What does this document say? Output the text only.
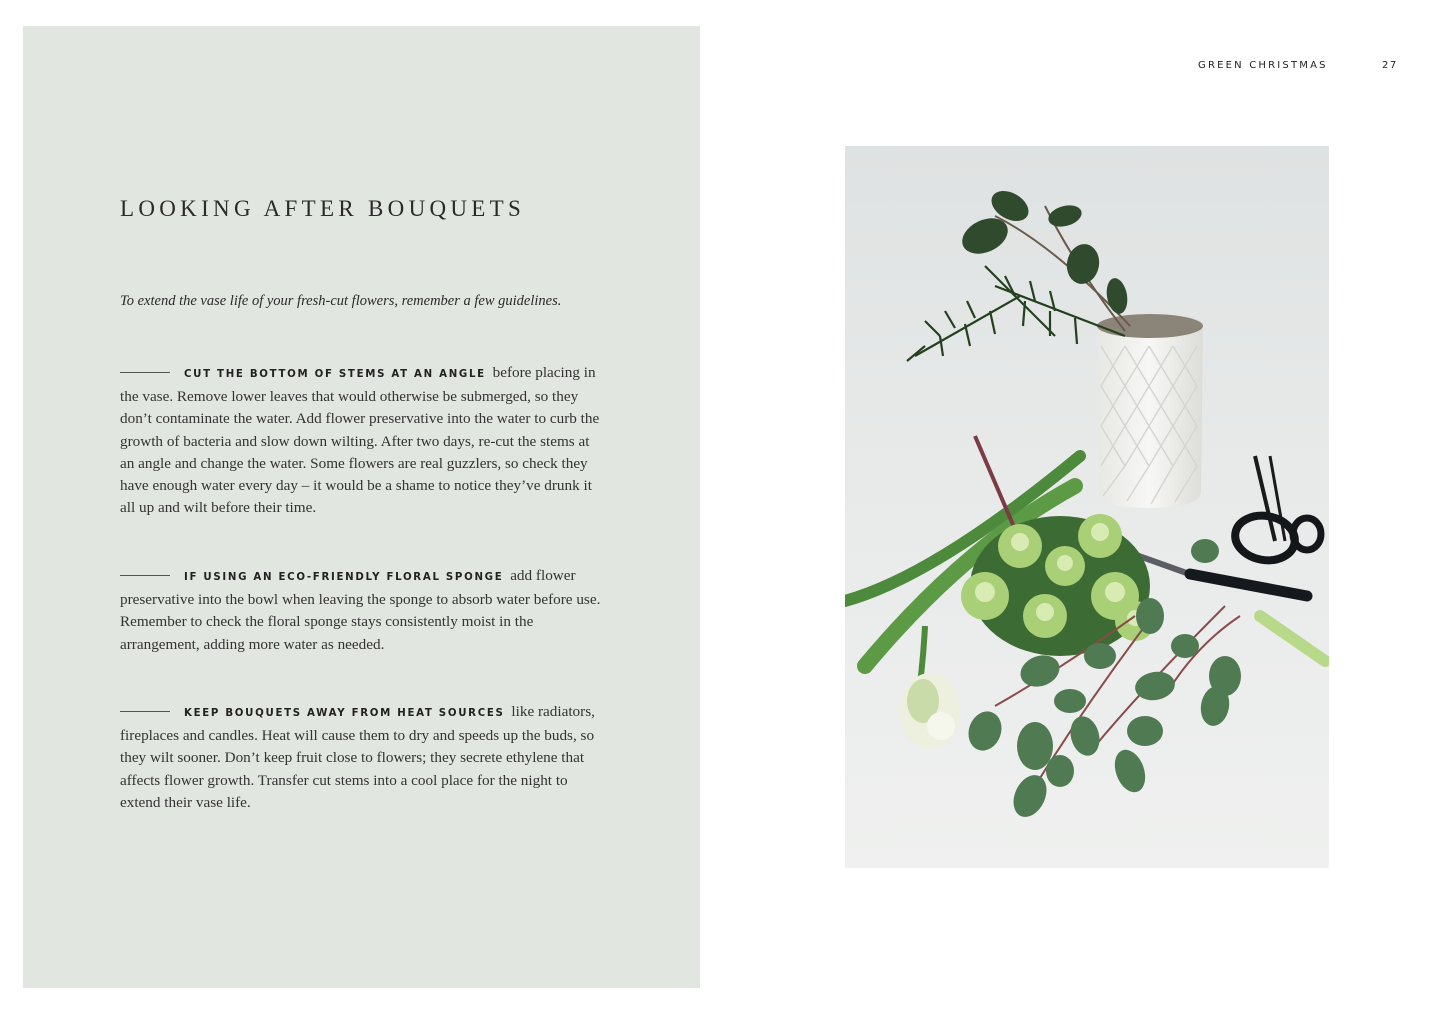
LOOKING AFTER BOUQUETS
To extend the vase life of your fresh-cut flowers, remember a few guidelines.
CUT THE BOTTOM OF STEMS AT AN ANGLE before placing in the vase. Remove lower leaves that would otherwise be submerged, so they don’t contaminate the water. Add flower preservative into the water to curb the growth of bacteria and slow down wilting. After two days, re-cut the stems at an angle and change the water. Some flowers are real guzzlers, so check they have enough water every day – it would be a shame to notice they’ve drunk it all up and wilt before their time.
IF USING AN ECO-FRIENDLY FLORAL SPONGE add flower preservative into the bowl when leaving the sponge to absorb water before use. Remember to check the floral sponge stays consistently moist in the arrangement, adding more water as needed.
KEEP BOUQUETS AWAY FROM HEAT SOURCES like radiators, fireplaces and candles. Heat will cause them to dry and speeds up the buds, so they wilt sooner. Don’t keep fruit close to flowers; they secrete ethylene that affects flower growth. Transfer cut stems into a cool place for the night to extend their vase life.
GREEN CHRISTMAS	27
